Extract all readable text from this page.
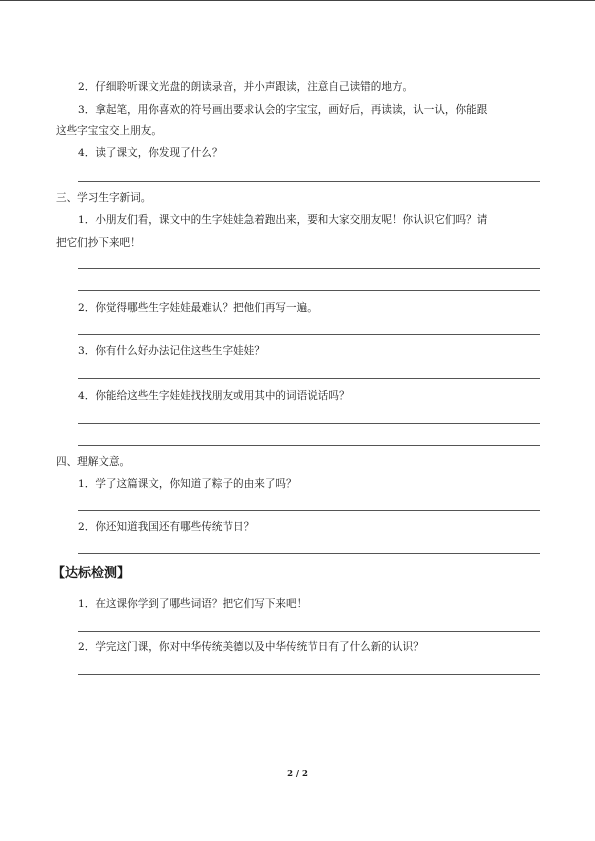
2．仔细聆听课文光盘的朗读录音，并小声跟读，注意自己读错的地方。
3．拿起笔，用你喜欢的符号画出要求认会的字宝宝，画好后，再读读，认一认，你能跟
这些字宝宝交上朋友。
4．读了课文，你发现了什么？
三、学习生字新词。
1．小朋友们看，课文中的生字娃娃急着跑出来，要和大家交朋友呢！你认识它们吗？请
把它们抄下来吧！
2．你觉得哪些生字娃娃最难认？把他们再写一遍。
3．你有什么好办法记住这些生字娃娃？
4．你能给这些生字娃娃找找朋友或用其中的词语说话吗？
四、理解文意。
1．学了这篇课文，你知道了粽子的由来了吗？
2．你还知道我国还有哪些传统节日？
【达标检测】
1．在这课你学到了哪些词语？把它们写下来吧！
2．学完这门课，你对中华传统美德以及中华传统节日有了什么新的认识？
2 / 2
